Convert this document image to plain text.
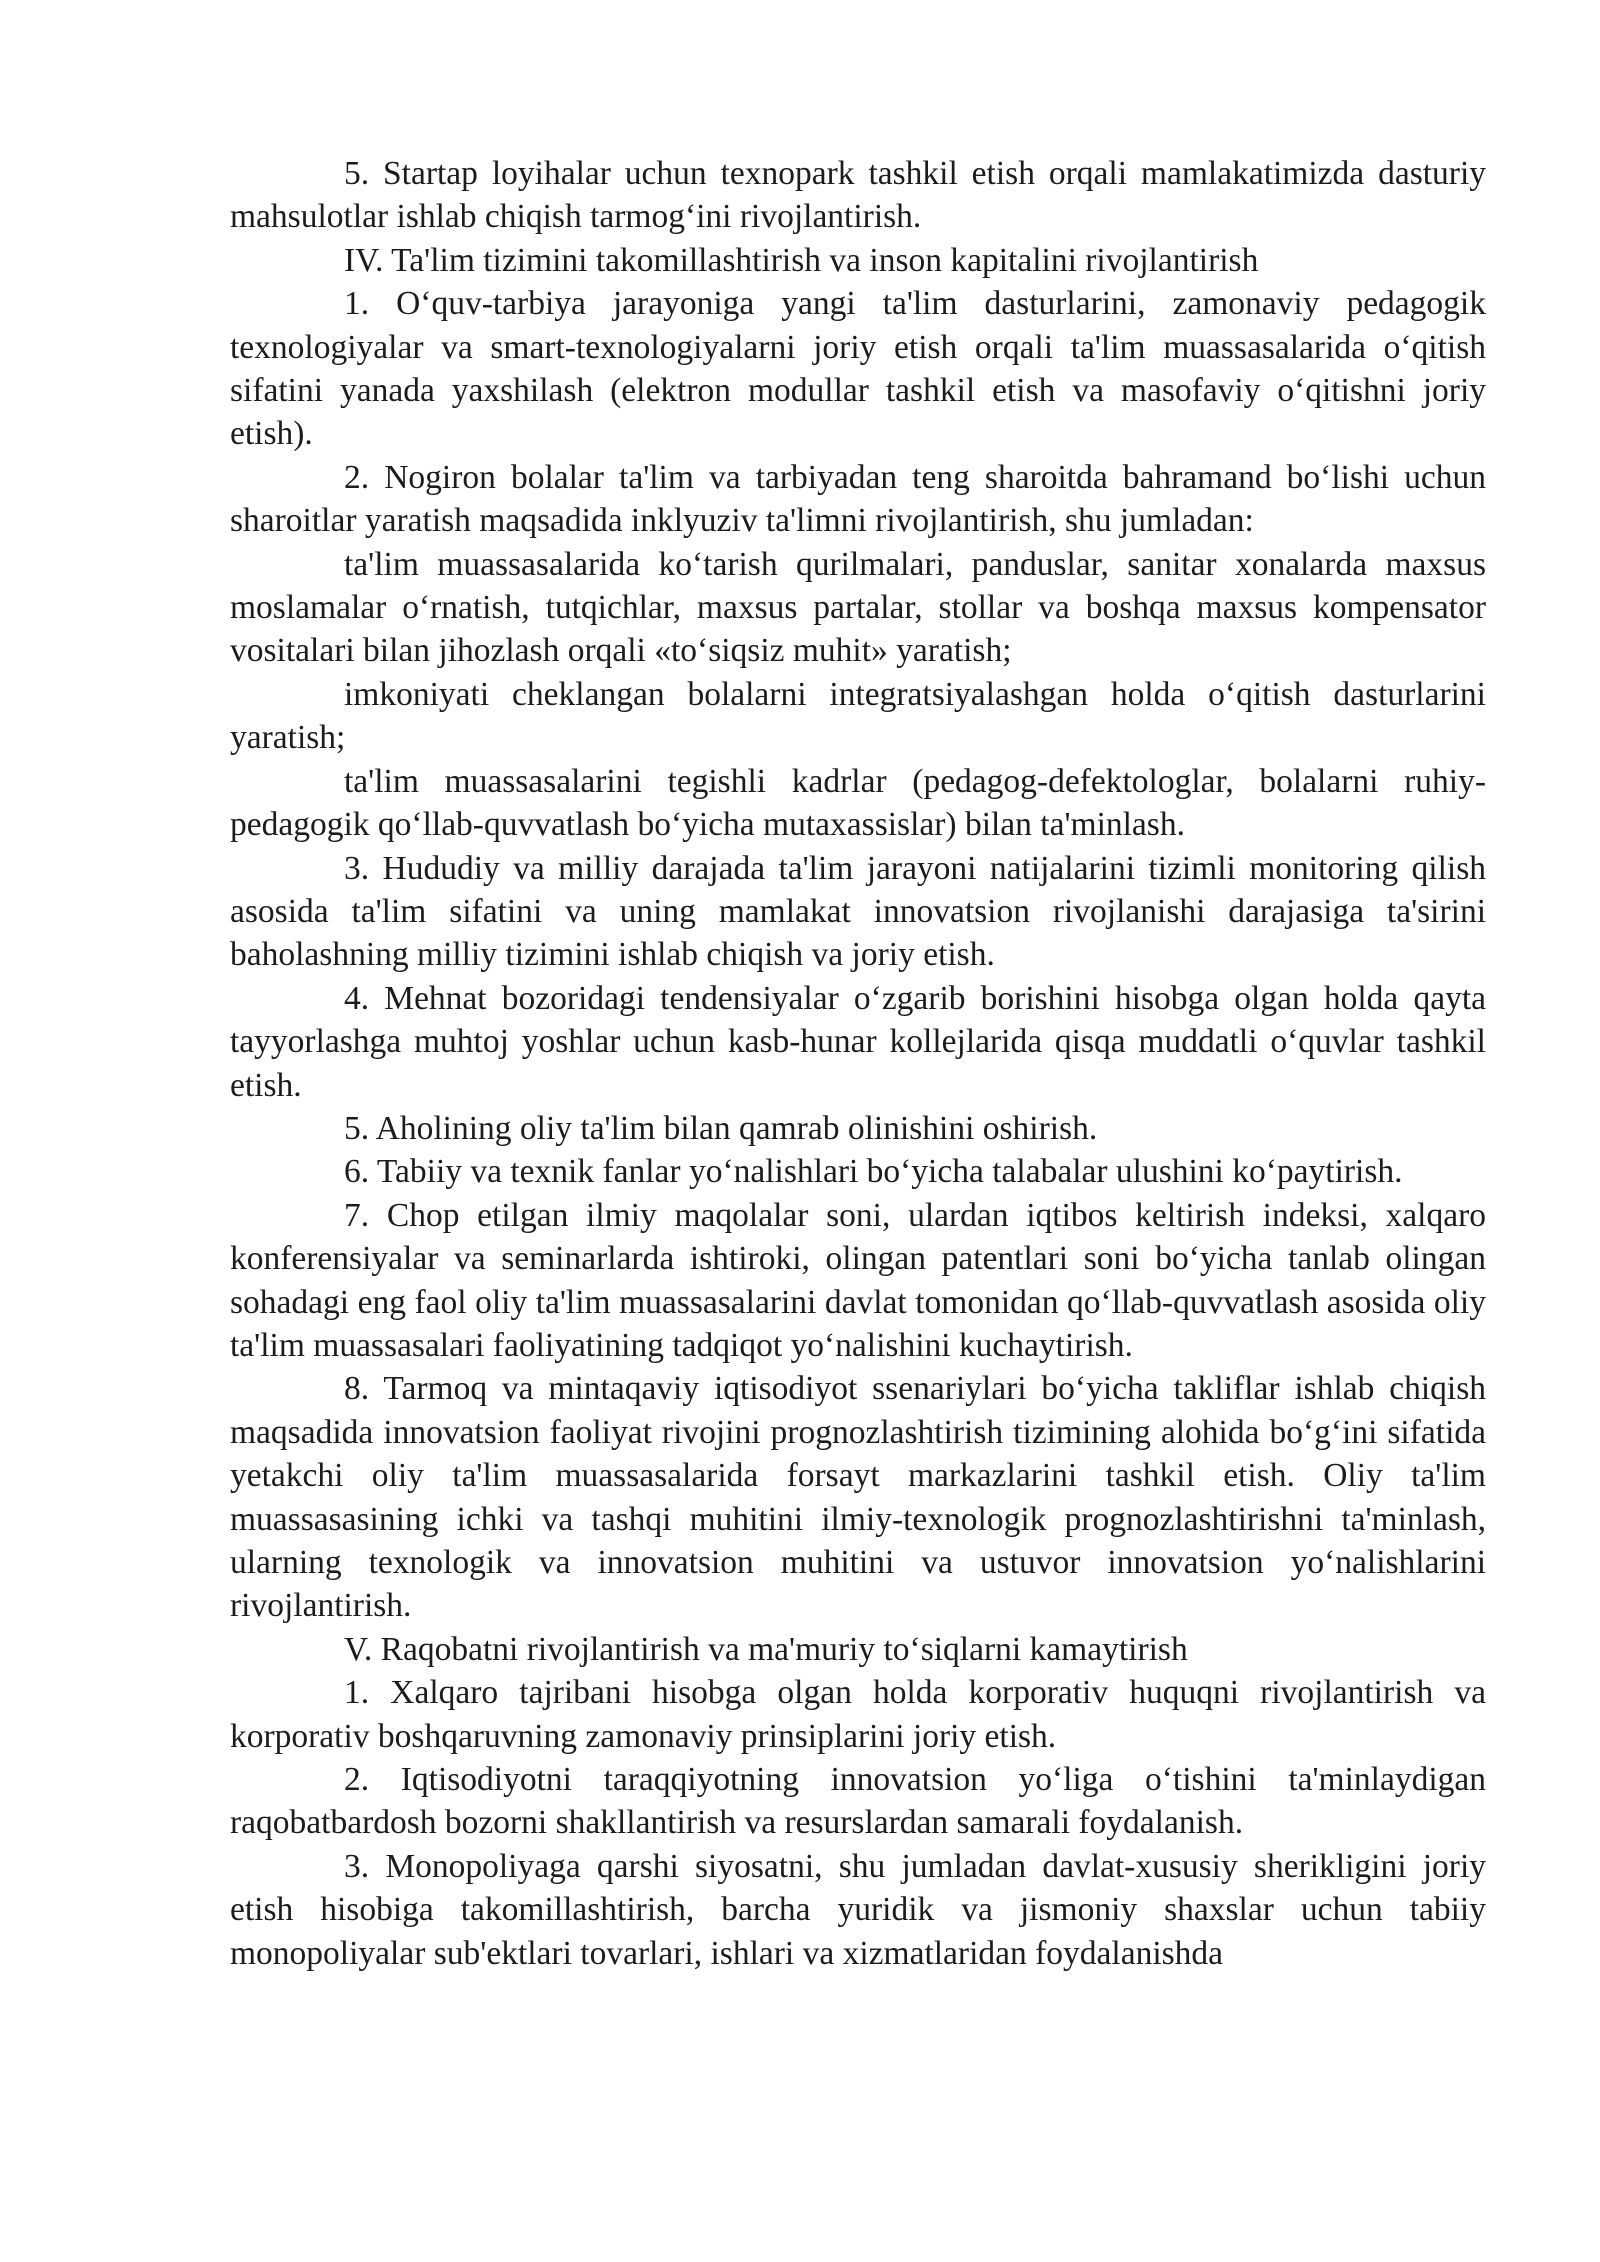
5. Startap loyihalar uchun texnopark tashkil etish orqali mamlakatimizda dasturiy mahsulotlar ishlab chiqish tarmog‘ini rivojlantirish.

IV. Ta'lim tizimini takomillashtirish va inson kapitalini rivojlantirish

1. O‘quv-tarbiya jarayoniga yangi ta'lim dasturlarini, zamonaviy pedagogik texnologiyalar va smart-texnologiyalarni joriy etish orqali ta'lim muassasalarida o‘qitish sifatini yanada yaxshilash (elektron modullar tashkil etish va masofaviy o‘qitishni joriy etish).

2. Nogiron bolalar ta'lim va tarbiyadan teng sharoitda bahramand bo‘lishi uchun sharoitlar yaratish maqsadida inklyuziv ta'limni rivojlantirish, shu jumladan:

ta'lim muassasalarida ko‘tarish qurilmalari, panduslar, sanitar xonalarda maxsus moslamalar o‘rnatish, tutqichlar, maxsus partalar, stollar va boshqa maxsus kompensator vositalari bilan jihozlash orqali «to‘siqsiz muhit» yaratish;

imkoniyati cheklangan bolalarni integratsiyalashgan holda o‘qitish dasturlarini yaratish;

ta'lim muassasalarini tegishli kadrlar (pedagog-defektologlar, bolalarni ruhiy-pedagogik qo‘llab-quvvatlash bo‘yicha mutaxassislar) bilan ta'minlash.

3. Hududiy va milliy darajada ta'lim jarayoni natijalarini tizimli monitoring qilish asosida ta'lim sifatini va uning mamlakat innovatsion rivojlanishi darajasiga ta'sirini baholashning milliy tizimini ishlab chiqish va joriy etish.

4. Mehnat bozoridagi tendensiyalar o‘zgarib borishini hisobga olgan holda qayta tayyorlashga muhtoj yoshlar uchun kasb-hunar kollejlarida qisqa muddatli o‘quvlar tashkil etish.

5. Aholining oliy ta'lim bilan qamrab olinishini oshirish.

6. Tabiiy va texnik fanlar yo‘nalishlari bo‘yicha talabalar ulushini ko‘paytirish.

7. Chop etilgan ilmiy maqolalar soni, ulardan iqtibos keltirish indeksi, xalqaro konferensiyalar va seminarlarda ishtiroki, olingan patentlari soni bo‘yicha tanlab olingan sohadagi eng faol oliy ta'lim muassasalarini davlat tomonidan qo‘llab-quvvatlash asosida oliy ta'lim muassasalari faoliyatining tadqiqot yo‘nalishini kuchaytirish.

8. Tarmoq va mintaqaviy iqtisodiyot ssenariylari bo‘yicha takliflar ishlab chiqish maqsadida innovatsion faoliyat rivojini prognozlashtirish tizimining alohida bo‘g‘ini sifatida yetakchi oliy ta'lim muassasalarida forsayt markazlarini tashkil etish. Oliy ta'lim muassasasining ichki va tashqi muhitini ilmiy-texnologik prognozlashtirishni ta'minlash, ularning texnologik va innovatsion muhitini va ustuvor innovatsion yo‘nalishlarini rivojlantirish.

V. Raqobatni rivojlantirish va ma'muriy to‘siqlarni kamaytirish

1. Xalqaro tajribani hisobga olgan holda korporativ huquqni rivojlantirish va korporativ boshqaruvning zamonaviy prinsiplarini joriy etish.

2. Iqtisodiyotni taraqqiyotning innovatsion yo‘liga o‘tishini ta'minlaydigan raqobatbardosh bozorni shakllantirish va resurslardan samarali foydalanish.

3. Monopoliyaga qarshi siyosatni, shu jumladan davlat-xususiy sherikligini joriy etish hisobiga takomillashtirish, barcha yuridik va jismoniy shaxslar uchun tabiiy monopoliyalar sub'ektlari tovarlari, ishlari va xizmatlaridan foydalanishda
